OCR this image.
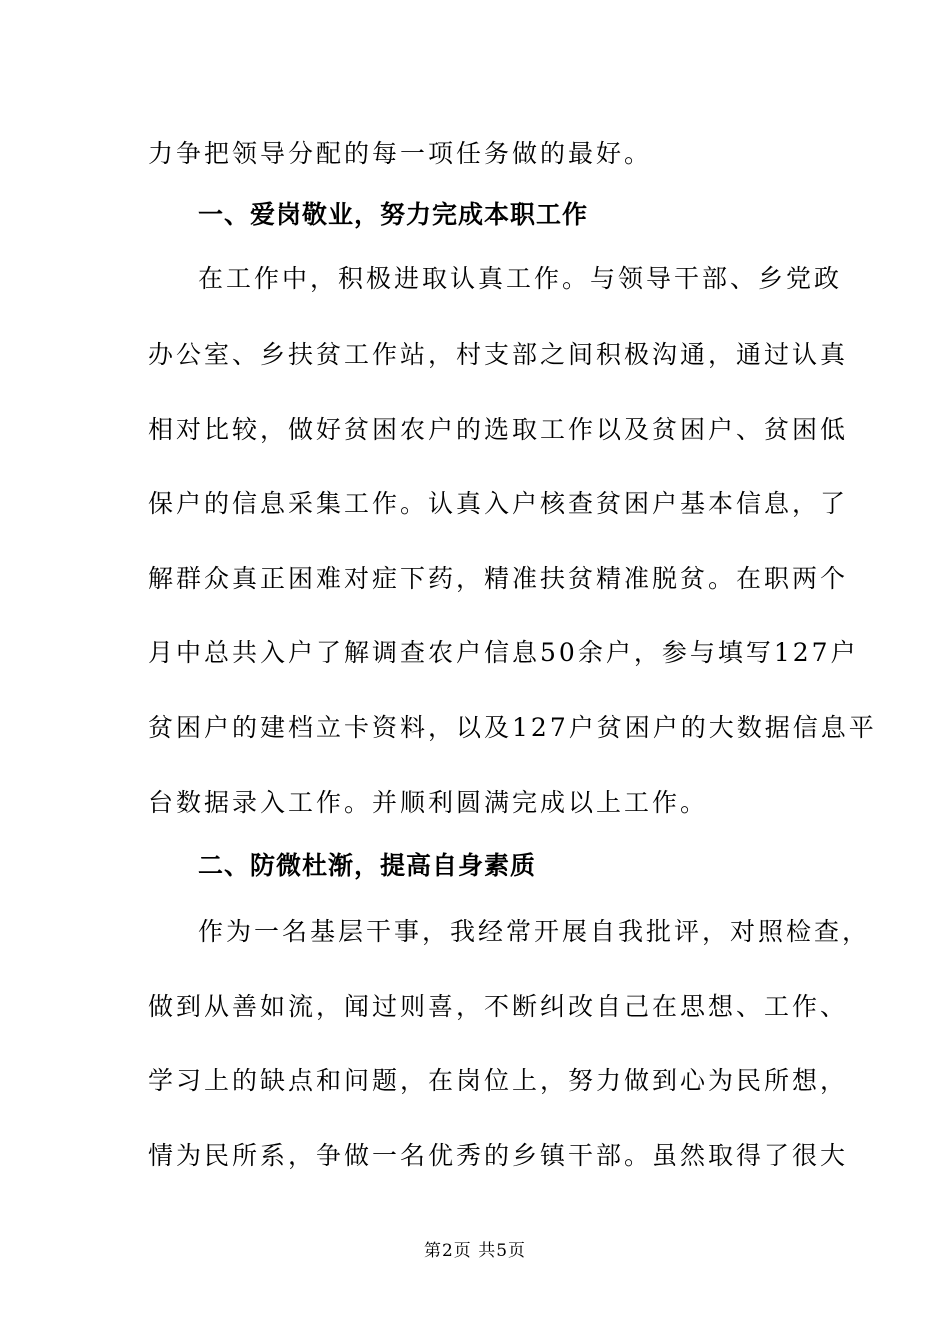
力争把领导分配的每一项任务做的最好。
一、爱岗敬业，努力完成本职工作
在工作中，积极进取认真工作。与领导干部、乡党政
办公室、乡扶贫工作站，村支部之间积极沟通，通过认真
相对比较，做好贫困农户的选取工作以及贫困户、贫困低
保户的信息采集工作。认真入户核查贫困户基本信息，了
解群众真正困难对症下药，精准扶贫精准脱贫。在职两个
月中总共入户了解调查农户信息50余户，参与填写127户
贫困户的建档立卡资料，以及127户贫困户的大数据信息平
台数据录入工作。并顺利圆满完成以上工作。
二、防微杜渐，提高自身素质
作为一名基层干事，我经常开展自我批评，对照检查，
做到从善如流，闻过则喜，不断纠改自己在思想、工作、
学习上的缺点和问题，在岗位上，努力做到心为民所想，
情为民所系，争做一名优秀的乡镇干部。虽然取得了很大
第2页 共5页
